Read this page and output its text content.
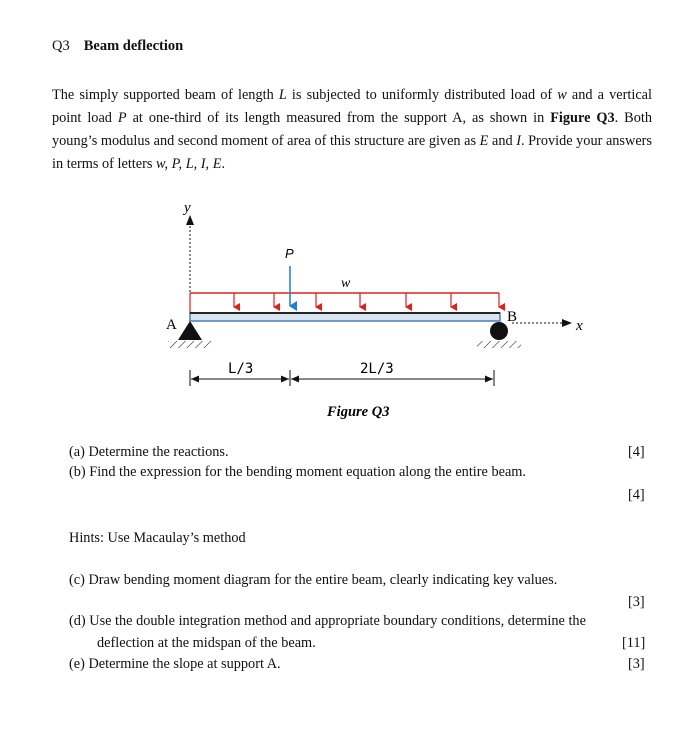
Q3 Beam deflection
The simply supported beam of length L is subjected to uniformly distributed load of w and a vertical point load P at one-third of its length measured from the support A, as shown in Figure Q3. Both young’s modulus and second moment of area of this structure are given as E and I. Provide your answers in terms of letters w, P, L, I, E.
y
x
w
P
A	B
L/3	2L/3
Figure Q3
(a) Determine the reactions.	[4]
(b) Find the expression for the bending moment equation along the entire beam.
[4]
Hints: Use Macaulay’s method
(c) Draw bending moment diagram for the entire beam, clearly indicating key values.
[3]
(d) Use the double integration method and appropriate boundary conditions, determine the
deflection at the midspan of the beam.	[11]
(e) Determine the slope at support A.	[3]
